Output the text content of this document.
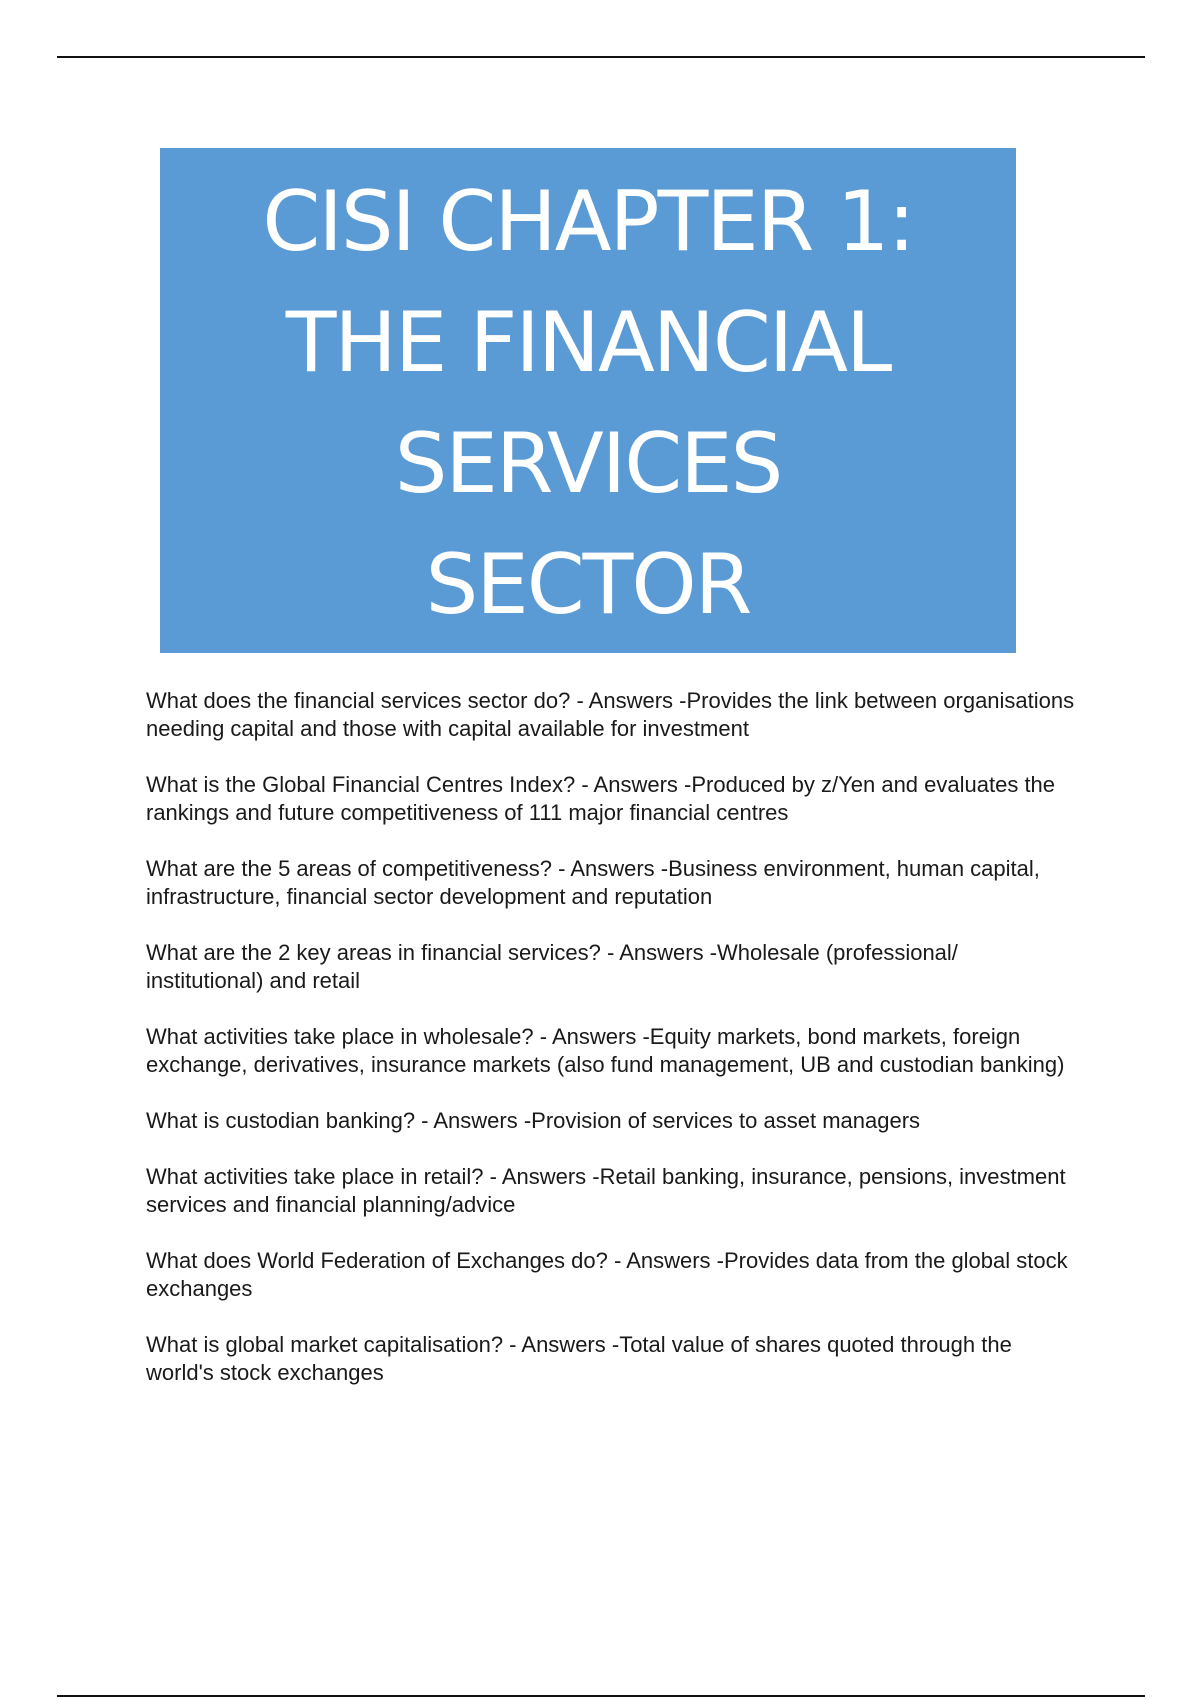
CISI CHAPTER 1:
THE FINANCIAL
SERVICES
SECTOR
What does the financial services sector do? - Answers -Provides the link between organisations needing capital and those with capital available for investment
What is the Global Financial Centres Index? - Answers -Produced by z/Yen and evaluates the rankings and future competitiveness of 111 major financial centres
What are the 5 areas of competitiveness? - Answers -Business environment, human capital, infrastructure, financial sector development and reputation
What are the 2 key areas in financial services? - Answers -Wholesale (professional/ institutional) and retail
What activities take place in wholesale? - Answers -Equity markets, bond markets, foreign exchange, derivatives, insurance markets (also fund management, UB and custodian banking)
What is custodian banking? - Answers -Provision of services to asset managers
What activities take place in retail? - Answers -Retail banking, insurance, pensions, investment services and financial planning/advice
What does World Federation of Exchanges do? - Answers -Provides data from the global stock exchanges
What is global market capitalisation? - Answers -Total value of shares quoted through the world's stock exchanges
